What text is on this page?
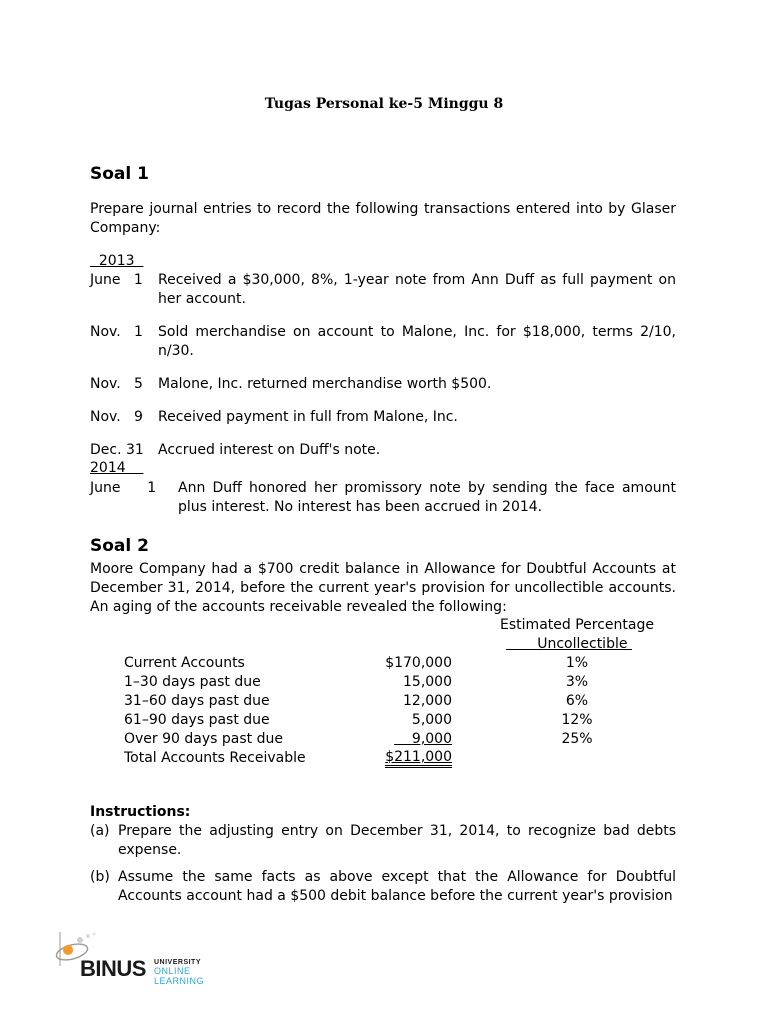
Tugas Personal ke-5 Minggu 8
Soal 1
Prepare journal entries to record the following transactions entered into by Glaser Company:
2013
June   1 Received a $30,000, 8%, 1-year note from Ann Duff as full payment on her account.
Nov.   1 Sold merchandise on account to Malone, Inc. for $18,000, terms 2/10, n/30.
Nov.   5 Malone, Inc. returned merchandise worth $500.
Nov.   9 Received payment in full from Malone, Inc.
Dec. 31 Accrued interest on Duff's note.
2014
June      1 Ann Duff honored her promissory note by sending the face amount plus interest. No interest has been accrued in 2014.
Soal 2
Moore Company had a $700 credit balance in Allowance for Doubtful Accounts at December 31, 2014, before the current year's provision for uncollectible accounts. An aging of the accounts receivable revealed the following:
Estimated Percentage
Uncollectible
Current Accounts	$170,000	1%
1–30 days past due	15,000	3%
31–60 days past due	12,000	6%
61–90 days past due	5,000	12%
Over 90 days past due	9,000	25%
Total Accounts Receivable	$211,000
Instructions:
(a) Prepare the adjusting entry on December 31, 2014, to recognize bad debts expense.
(b) Assume the same facts as above except that the Allowance for Doubtful Accounts account had a $500 debit balance before the current year's provision
BINUS UNIVERSITY
ONLINE LEARNING
